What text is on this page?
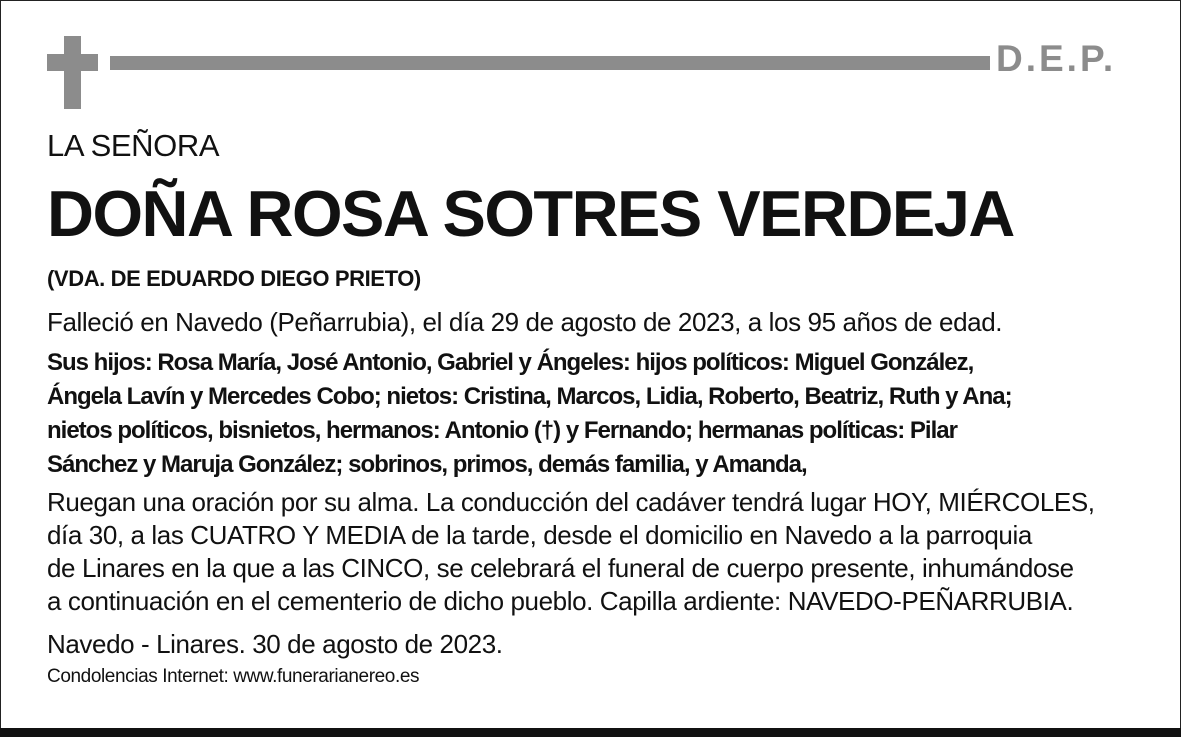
D.E.P.
LA SEÑORA
DOÑA ROSA SOTRES VERDEJA
(VDA. DE EDUARDO DIEGO PRIETO)
Falleció en Navedo (Peñarrubia), el día 29 de agosto de 2023, a los 95 años de edad.
Sus hijos: Rosa María, José Antonio, Gabriel y Ángeles: hijos políticos: Miguel González,
Ángela Lavín y Mercedes Cobo; nietos: Cristina, Marcos, Lidia, Roberto, Beatriz, Ruth y Ana;
nietos políticos, bisnietos, hermanos: Antonio (†) y Fernando; hermanas políticas: Pilar
Sánchez y Maruja González; sobrinos, primos, demás familia, y Amanda,
Ruegan una oración por su alma. La conducción del cadáver tendrá lugar HOY, MIÉRCOLES,
día 30, a las CUATRO Y MEDIA de la tarde, desde el domicilio en Navedo a la parroquia
de Linares en la que a las CINCO, se celebrará el funeral de cuerpo presente, inhumándose
a continuación en el cementerio de dicho pueblo. Capilla ardiente: NAVEDO-PEÑARRUBIA.
Navedo - Linares. 30 de agosto de 2023.
Condolencias Internet: www.funerarianereo.es
